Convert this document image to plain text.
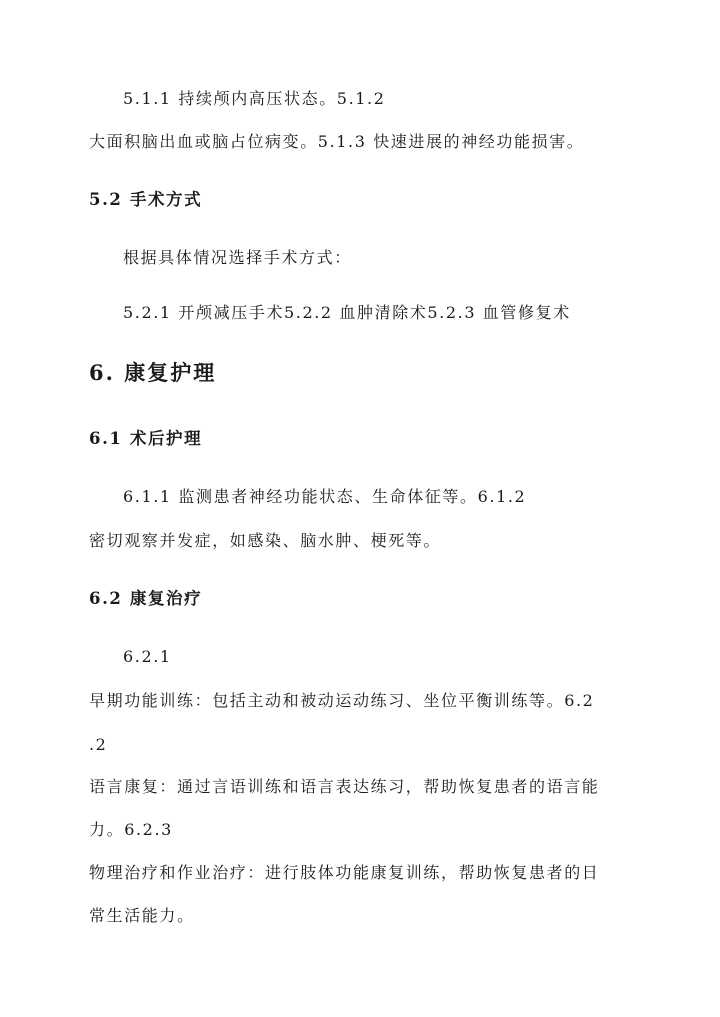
5.1.1 持续颅内高压状态。5.1.2
大面积脑出血或脑占位病变。5.1.3 快速进展的神经功能损害。
5.2 手术方式
根据具体情况选择手术方式：
5.2.1 开颅减压手术5.2.2 血肿清除术5.2.3 血管修复术
6. 康复护理
6.1 术后护理
6.1.1 监测患者神经功能状态、生命体征等。6.1.2
密切观察并发症，如感染、脑水肿、梗死等。
6.2 康复治疗
6.2.1
早期功能训练：包括主动和被动运动练习、坐位平衡训练等。6.2
.2
语言康复：通过言语训练和语言表达练习，帮助恢复患者的语言能
力。6.2.3
物理治疗和作业治疗：进行肢体功能康复训练，帮助恢复患者的日
常生活能力。
